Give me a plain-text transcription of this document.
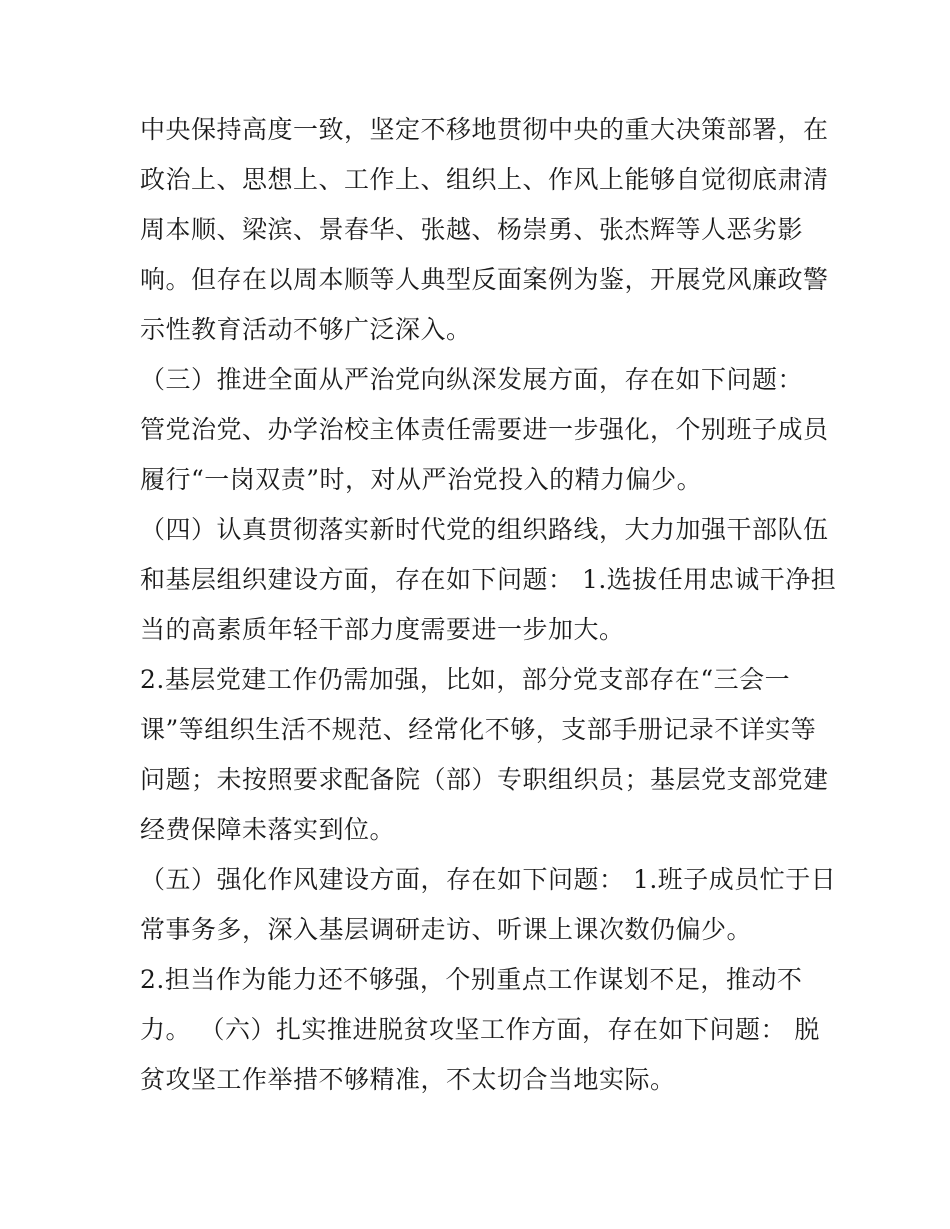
中央保持高度一致，坚定不移地贯彻中央的重大决策部署，在
政治上、思想上、工作上、组织上、作风上能够自觉彻底肃清
周本顺、梁滨、景春华、张越、杨崇勇、张杰辉等人恶劣影
响。但存在以周本顺等人典型反面案例为鉴，开展党风廉政警
示性教育活动不够广泛深入。
（三）推进全面从严治党向纵深发展方面，存在如下问题：
管党治党、办学治校主体责任需要进一步强化，个别班子成员
履行“一岗双责”时，对从严治党投入的精力偏少。
（四）认真贯彻落实新时代党的组织路线，大力加强干部队伍
和基层组织建设方面，存在如下问题： 1.选拔任用忠诚干净担
当的高素质年轻干部力度需要进一步加大。
2.基层党建工作仍需加强，比如，部分党支部存在“三会一
课”等组织生活不规范、经常化不够，支部手册记录不详实等
问题；未按照要求配备院（部）专职组织员；基层党支部党建
经费保障未落实到位。
（五）强化作风建设方面，存在如下问题： 1.班子成员忙于日
常事务多，深入基层调研走访、听课上课次数仍偏少。
2.担当作为能力还不够强，个别重点工作谋划不足，推动不
力。 （六）扎实推进脱贫攻坚工作方面，存在如下问题： 脱
贫攻坚工作举措不够精准，不太切合当地实际。
